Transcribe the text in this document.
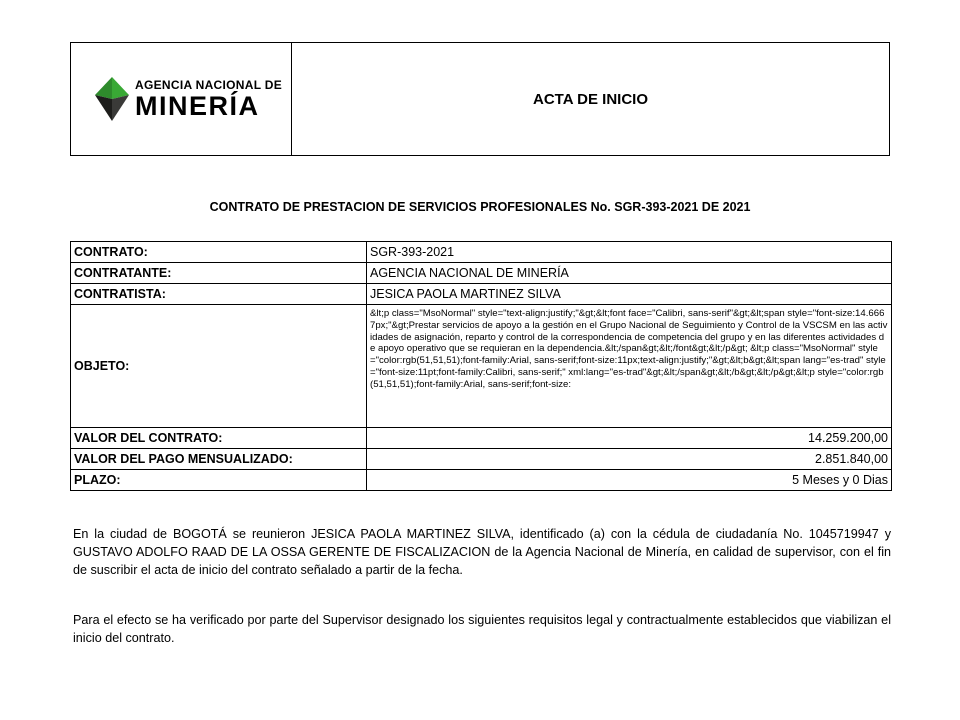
AGENCIA NACIONAL DE
MINERÍA	ACTA DE INICIO
CONTRATO DE PRESTACION DE SERVICIOS PROFESIONALES No. SGR-393-2021 DE 2021
CONTRATO:	SGR-393-2021
CONTRATANTE:	AGENCIA NACIONAL DE MINERÍA
CONTRATISTA:	JESICA PAOLA MARTINEZ SILVA
OBJETO:	&lt;p class="MsoNormal" style="text-align:justify;"&gt;&lt;font face="Calibri, sans-serif"&gt;&lt;span style="font-size:14.6667px;"&gt;Prestar servicios de apoyo a la gestión en el Grupo Nacional de Seguimiento y Control de la VSCSM en las actividades de asignación, reparto y control de la correspondencia de competencia del grupo y en las diferentes actividades de apoyo operativo que se requieran en la dependencia.&lt;/span&gt;&lt;/font&gt;&lt;/p&gt; &lt;p class="MsoNormal" style="color:rgb(51,51,51);font-family:Arial, sans-serif;font-size:11px;text-align:justify;"&gt;&lt;b&gt;&lt;span lang="es-trad" style="font-size:11pt;font-family:Calibri, sans-serif;" xml:lang="es-trad"&gt;&lt;/span&gt;&lt;/b&gt;&lt;/p&gt;&lt;p style="color:rgb(51,51,51);font-family:Arial, sans-serif;font-size:
VALOR DEL CONTRATO:	14.259.200,00
VALOR DEL PAGO MENSUALIZADO:	2.851.840,00
PLAZO:	5 Meses y 0 Dias
En la ciudad de BOGOTÁ se reunieron JESICA PAOLA MARTINEZ SILVA, identificado (a) con la cédula de ciudadanía No. 1045719947 y GUSTAVO ADOLFO RAAD DE LA OSSA GERENTE DE FISCALIZACION de la Agencia Nacional de Minería, en calidad de supervisor, con el fin de suscribir el acta de inicio del contrato señalado a partir de la fecha.
Para el efecto se ha verificado por parte del Supervisor designado los siguientes requisitos legal y contractualmente establecidos que viabilizan el inicio del contrato.
